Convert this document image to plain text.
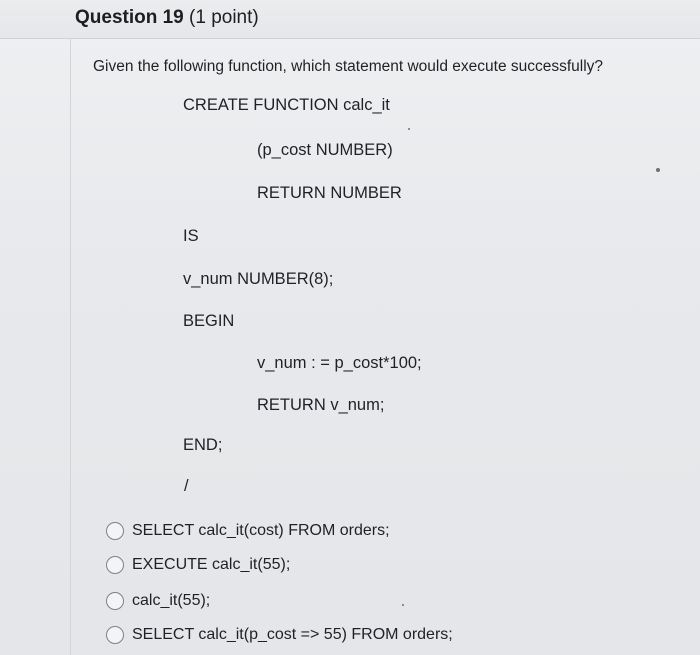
Question 19 (1 point)
Given the following function, which statement would execute successfully?
CREATE FUNCTION calc_it
(p_cost NUMBER)
RETURN NUMBER
IS
v_num NUMBER(8);
BEGIN
v_num : = p_cost*100;
RETURN v_num;
END;
/
SELECT calc_it(cost) FROM orders;
EXECUTE calc_it(55);
calc_it(55);
SELECT calc_it(p_cost => 55) FROM orders;
